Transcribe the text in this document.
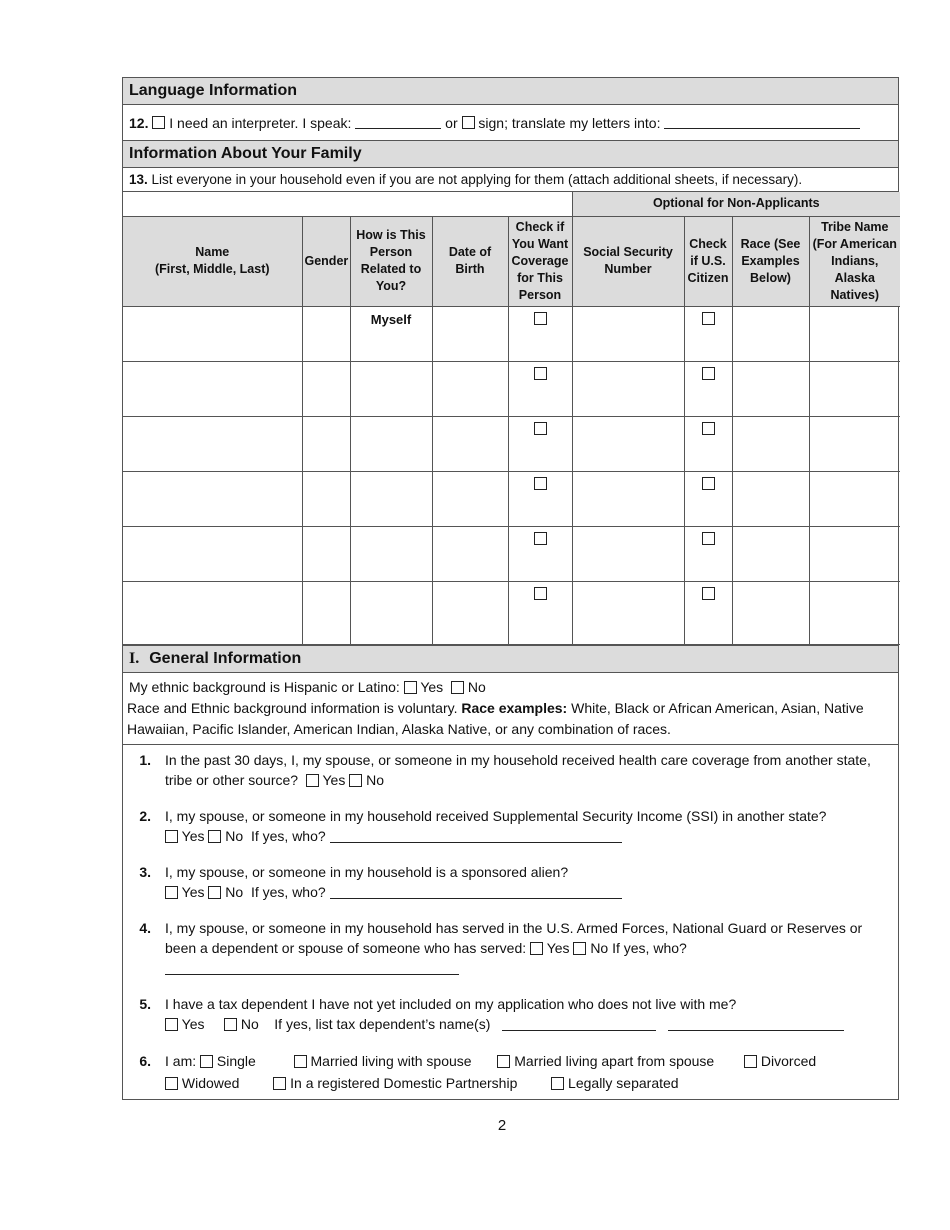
Language Information
12.

I need an interpreter. I speak:

	or

sign; translate my letters into:

Information About Your Family
13.
List everyone in your household even if you are not applying for them (attach additional sheets, if necessary).
					Optional for Non-Applicants			
Name
(First, Middle, Last)	Gender	How is This Person Related to You?	Date of Birth	Check if You Want Coverage for This Person	Social Security Number	Check if U.S. Citizen	Race (See Examples Below)	Tribe Name (For American Indians, Alaska Natives)
		Myself						

I. General Information
My ethnic background is Hispanic or Latino: Yes No
Race and Ethnic background information is voluntary. Race examples: White, Black or African American, Asian, Native
Hawaiian, Pacific Islander, American Indian, Alaska Native, or any combination of races.
1.	In the past 30 days, I, my spouse, or someone in my household received health care coverage from another state,
tribe or other source? Yes No
2.	I, my spouse, or someone in my household received Supplemental Security Income (SSI) in another state?
Yes No If yes, who?
3.	I, my spouse, or someone in my household is a sponsored alien?
Yes No If yes, who?
4.	I, my spouse, or someone in my household has served in the U.S. Armed Forces, National Guard or Reserves or
been a dependent or spouse of someone who has served: Yes No If yes, who?

5.	I have a tax dependent I have not yet included on my application who does not live with me?
Yes	No If yes, list tax dependent’s name(s)
6.	I am: Single	Married living with spouse	Married living apart from spouse	Divorced
Widowed	In a registered Domestic Partnership	Legally separated
2
